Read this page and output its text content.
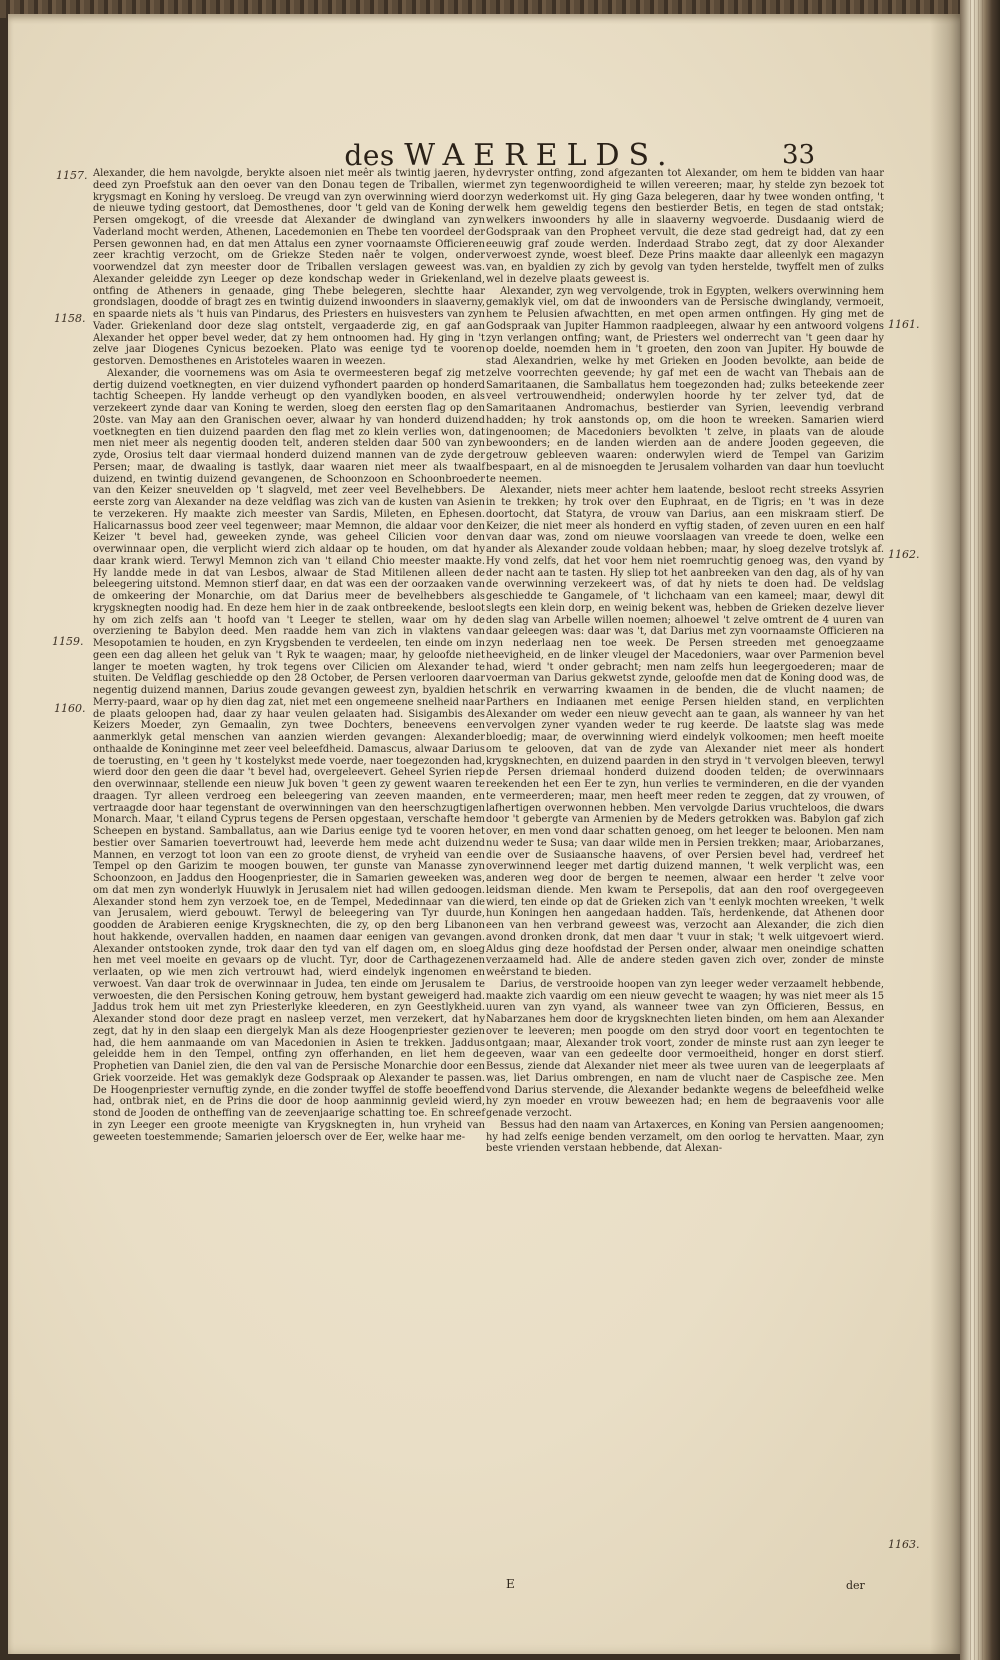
des WAERELDS.	33
1157.
1158.
1159.
1160.
1161.
1162.
1163.

Alexander, die hem navolgde, berykte alsoen niet meêr als twintig jaeren, hy deed zyn Proefstuk aan den oever van den Donau tegen de Triballen, wier krygsmagt en Koning hy versloeg. De vreugd van zyn overwinning wierd door de nieuwe tyding gestoort, dat Demosthenes, door 't geld van de Koning der Persen omgekogt, of die vreesde dat Alexander de dwingland van zyn Vaderland mocht werden, Athenen, Lacedemonien en Thebe ten voordeel der Persen gewonnen had, en dat men Attalus een zyner voornaamste Officieren zeer krachtig verzocht, om de Griekze Steden naêr te volgen, onder voorwendzel dat zyn meester door de Triballen verslagen geweest was. Alexander geleidde zyn Leeger op deze kondschap weder in Griekenland, ontfing de Atheners in genaade, ging Thebe belegeren, slechtte haar grondslagen, doodde of bragt zes en twintig duizend inwoonders in slaaverny, en spaarde niets als 't huis van Pindarus, des Priesters en huisvesters van zyn Vader. Griekenland door deze slag ontstelt, vergaaderde zig, en gaf aan Alexander het opper bevel weder, dat zy hem ontnoomen had. Hy ging in 't zelve jaar Diogenes Cynicus bezoeken. Plato was eenige tyd te vooren gestorven. Demosthenes en Aristoteles waaren in weezen.

Alexander, die voornemens was om Asia te overmeesteren begaf zig met dertig duizend voetknegten, en vier duizend vyfhondert paarden op honderd tachtig Scheepen. Hy landde verheugt op den vyandlyken booden, en als verzekeert zynde daar van Koning te werden, sloeg den eersten flag op den 20ste. van May aan den Granischen oever, alwaar hy van honderd duizend voetknegten en tien duizend paarden den flag met zo klein verlies won, dat men niet meer als negentig dooden telt, anderen stelden daar 500 van zyn zyde, Orosius telt daar viermaal honderd duizend mannen van de zyde der Persen; maar, de dwaaling is tastlyk, daar waaren niet meer als twaalf duizend, en twintig duizend gevangenen, de Schoonzoon en Schoonbroeder van den Keizer sneuvelden op 't slagveld, met zeer veel Bevelhebbers. De eerste zorg van Alexander na deze veldflag was zich van de kusten van Asien te verzekeren. Hy maakte zich meester van Sardis, Mileten, en Ephesen. Halicarnassus bood zeer veel tegenweer; maar Memnon, die aldaar voor den Keizer 't bevel had, geweeken zynde, was geheel Cilicien voor den overwinnaar open, die verplicht wierd zich aldaar op te houden, om dat hy daar krank wierd. Terwyl Memnon zich van 't eiland Chio meester maakte. Hy landde mede in dat van Lesbos, alwaar de Stad Mitilenen alleen de beleegering uitstond. Memnon stierf daar, en dat was een der oorzaaken van de omkeering der Monarchie, om dat Darius meer de bevelhebbers als krygsknegten noodig had. En deze hem hier in de zaak ontbreekende, besloot hy om zich zelfs aan 't hoofd van 't Leeger te stellen, waar om hy de overziening te Babylon deed. Men raadde hem van zich in vlaktens van Mesopotamien te houden, en zyn Krygsbenden te verdeelen, ten einde om in geen een dag alleen het geluk van 't Ryk te waagen; maar, hy geloofde niet langer te moeten wagten, hy trok tegens over Cilicien om Alexander te stuiten. De Veldflag geschiedde op den 28 October, de Persen verlooren daar negentig duizend mannen, Darius zoude gevangen geweest zyn, byaldien het Merry-paard, waar op hy dien dag zat, niet met een ongemeene snelheid naar de plaats geloopen had, daar zy haar veulen gelaaten had. Sisigambis des Keizers Moeder, zyn Gemaalin, zyn twee Dochters, beneevens een aanmerklyk getal menschen van aanzien wierden gevangen: Alexander onthaalde de Koninginne met zeer veel beleefdheid. Damascus, alwaar Darius de toerusting, en 't geen hy 't kostelykst mede voerde, naer toegezonden had, wierd door den geen die daar 't bevel had, overgeleevert. Geheel Syrien riep den overwinnaar, stellende een nieuw Juk boven 't geen zy gewent waaren te draagen. Tyr alleen verdroeg een beleegering van zeeven maanden, en vertraagde door haar tegenstant de overwinningen van den heerschzugtigen Monarch. Maar, 't eiland Cyprus tegens de Persen opgestaan, verschafte hem Scheepen en bystand. Samballatus, aan wie Darius eenige tyd te vooren het bestier over Samarien toevertrouwt had, leeverde hem mede acht duizend Mannen, en verzogt tot loon van een zo groote dienst, de vryheid van een Tempel op den Garizim te moogen bouwen, ter gunste van Manasse zyn Schoonzoon, en Jaddus den Hoogenpriester, die in Samarien geweeken was, om dat men zyn wonderlyk Huuwlyk in Jerusalem niet had willen gedoogen. Alexander stond hem zyn verzoek toe, en de Tempel, Mededinnaar van die van Jerusalem, wierd gebouwt. Terwyl de beleegering van Tyr duurde, goodden de Arabieren eenige Krygsknechten, die zy, op den berg Libanon hout hakkende, overvallen hadden, en naamen daar eenigen van gevangen. Alexander ontstooken zynde, trok daar den tyd van elf dagen om, en sloeg hen met veel moeite en gevaars op de vlucht. Tyr, door de Carthagezenen verlaaten, op wie men zich vertrouwt had, wierd eindelyk ingenomen en verwoest. Van daar trok de overwinnaar in Judea, ten einde om Jerusalem te verwoesten, die den Persischen Koning getrouw, hem bystant geweigerd had. Jaddus trok hem uit met zyn Priesterlyke kleederen, en zyn Geestlykheid. Alexander stond door deze pragt en nasleep verzet, men verzekert, dat hy zegt, dat hy in den slaap een diergelyk Man als deze Hoogenpriester gezien had, die hem aanmaande om van Macedonien in Asien te trekken. Jaddus geleidde hem in den Tempel, ontfing zyn offerhanden, en liet hem de Prophetien van Daniel zien, die den val van de Persische Monarchie door een Griek voorzeide. Het was gemaklyk deze Godspraak op Alexander te passen. De Hoogenpriester vernuftig zynde, en die zonder twyffel de stoffe beoeffend had, ontbrak niet, en de Prins die door de hoop aanminnig gevleid wierd, stond de Jooden de ontheffing van de zeevenjaarige schatting toe. En schreef in zyn Leeger een groote meenigte van Krygsknegten in, hun vryheid van geweeten toestemmende; Samarien jeloersch over de Eer, welke haar me-

devryster ontfing, zond afgezanten tot Alexander, om hem te bidden van haar met zyn tegenwoordigheid te willen vereeren; maar, hy stelde zyn bezoek tot zyn wederkomst uit. Hy ging Gaza belegeren, daar hy twee wonden ontfing, 't welk hem geweldig tegens den bestierder Betis, en tegen de stad ontstak; welkers inwoonders hy alle in slaaverny wegvoerde. Dusdaanig wierd de Godspraak van den Propheet vervult, die deze stad gedreigt had, dat zy een eeuwig graf zoude werden. Inderdaad Strabo zegt, dat zy door Alexander verwoest zynde, woest bleef. Deze Prins maakte daar alleenlyk een magazyn van, en byaldien zy zich by gevolg van tyden herstelde, twyffelt men of zulks wel in dezelve plaats geweest is.

Alexander, zyn weg vervolgende, trok in Egypten, welkers overwinning hem gemaklyk viel, om dat de inwoonders van de Persische dwinglandy, vermoeit, hem te Pelusien afwachtten, en met open armen ontfingen. Hy ging met de Godspraak van Jupiter Hammon raadpleegen, alwaar hy een antwoord volgens zyn verlangen ontfing; want, de Priesters wel onderrecht van 't geen daar hy op doelde, noemden hem in 't groeten, den zoon van Jupiter. Hy bouwde de stad Alexandrien, welke hy met Grieken en Jooden bevolkte, aan beide de zelve voorrechten geevende; hy gaf met een de wacht van Thebais aan de Samaritaanen, die Samballatus hem toegezonden had; zulks beteekende zeer veel vertrouwendheid; onderwylen hoorde hy ter zelver tyd, dat de Samaritaanen Andromachus, bestierder van Syrien, leevendig verbrand hadden; hy trok aanstonds op, om die hoon te wreeken. Samarien wierd ingenoomen; de Macedoniers bevolkten 't zelve, in plaats van de aloude bewoonders; en de landen wierden aan de andere Jooden gegeeven, die getrouw gebleeven waaren: onderwylen wierd de Tempel van Garizim bespaart, en al de misnoegden te Jerusalem volharden van daar hun toevlucht te neemen.

Alexander, niets meer achter hem laatende, besloot recht streeks Assyrien in te trekken; hy trok over den Euphraat, en de Tigris; en 't was in deze doortocht, dat Statyra, de vrouw van Darius, aan een miskraam stierf. De Keizer, die niet meer als honderd en vyftig staden, of zeven uuren en een half van daar was, zond om nieuwe voorslaagen van vreede te doen, welke een ander als Alexander zoude voldaan hebben; maar, hy sloeg dezelve trotslyk af. Hy vond zelfs, dat het voor hem niet roemruchtig genoeg was, den vyand by der nacht aan te tasten. Hy sliep tot het aanbreeken van den dag, als of hy van de overwinning verzekeert was, of dat hy niets te doen had. De veldslag geschiedde te Gangamele, of 't lichchaam van een kameel; maar, dewyl dit slegts een klein dorp, en weinig bekent was, hebben de Grieken dezelve liever den slag van Arbelle willen noemen; alhoewel 't zelve omtrent de 4 uuren van daar geleegen was: daar was 't, dat Darius met zyn voornaamste Officieren na zyn nederlaag nen toe week. De Persen streeden met genoegzaame heevigheid, en de linker vleugel der Macedoniers, waar over Parmenion bevel had, wierd 't onder gebracht; men nam zelfs hun leegergoederen; maar de voerman van Darius gekwetst zynde, geloofde men dat de Koning dood was, de schrik en verwarring kwaamen in de benden, die de vlucht naamen; de Parthers en Indiaanen met eenige Persen hielden stand, en verplichten Alexander om weder een nieuw gevecht aan te gaan, als wanneer hy van het vervolgen zyner vyanden weder te rug keerde. De laatste slag was mede bloedig; maar, de overwinning wierd eindelyk volkoomen; men heeft moeite om te gelooven, dat van de zyde van Alexander niet meer als hondert krygsknechten, en duizend paarden in den stryd in 't vervolgen bleeven, terwyl de Persen driemaal honderd duizend dooden telden; de overwinnaars reekenden het een Eer te zyn, hun verlies te verminderen, en die der vyanden te vermeerderen; maar, men heeft meer reden te zeggen, dat zy vrouwen, of lafhertigen overwonnen hebben. Men vervolgde Darius vruchteloos, die dwars door 't gebergte van Armenien by de Meders getrokken was. Babylon gaf zich over, en men vond daar schatten genoeg, om het leeger te beloonen. Men nam nu weder te Susa; van daar wilde men in Persien trekken; maar, Ariobarzanes, die over de Susiaansche haavens, of over Persien bevel had, verdreef het overwinnend leeger met dartig duizend mannen, 't welk verplicht was, een anderen weg door de bergen te neemen, alwaar een herder 't zelve voor leidsman diende. Men kwam te Persepolis, dat aan den roof overgegeeven wierd, ten einde op dat de Grieken zich van 't eenlyk mochten wreeken, 't welk hun Koningen hen aangedaan hadden. Taïs, herdenkende, dat Athenen door een van hen verbrand geweest was, verzocht aan Alexander, die zich dien avond dronken dronk, dat men daar 't vuur in stak; 't welk uitgevoert wierd. Aldus ging deze hoofdstad der Persen onder, alwaar men oneindige schatten verzaameld had. Alle de andere steden gaven zich over, zonder de minste weêrstand te bieden.

Darius, de verstrooide hoopen van zyn leeger weder verzaamelt hebbende, maakte zich vaardig om een nieuw gevecht te waagen; hy was niet meer als 15 uuren van zyn vyand, als wanneer twee van zyn Officieren, Bessus, en Nabarzanes hem door de krygsknechten lieten binden, om hem aan Alexander over te leeveren; men poogde om den stryd door voort en tegentochten te ontgaan; maar, Alexander trok voort, zonder de minste rust aan zyn leeger te geeven, waar van een gedeelte door vermoeitheid, honger en dorst stierf. Bessus, ziende dat Alexander niet meer als twee uuren van de leegerplaats af was, liet Darius ombrengen, en nam de vlucht naer de Caspische zee. Men vond Darius stervende, die Alexander bedankte wegens de beleefdheid welke hy zyn moeder en vrouw beweezen had; en hem de begraavenis voor alle genade verzocht.

Bessus had den naam van Artaxerces, en Koning van Persien aangenoomen; hy had zelfs eenige benden verzamelt, om den oorlog te hervatten. Maar, zyn beste vrienden verstaan hebbende, dat Alexan-

E	der
